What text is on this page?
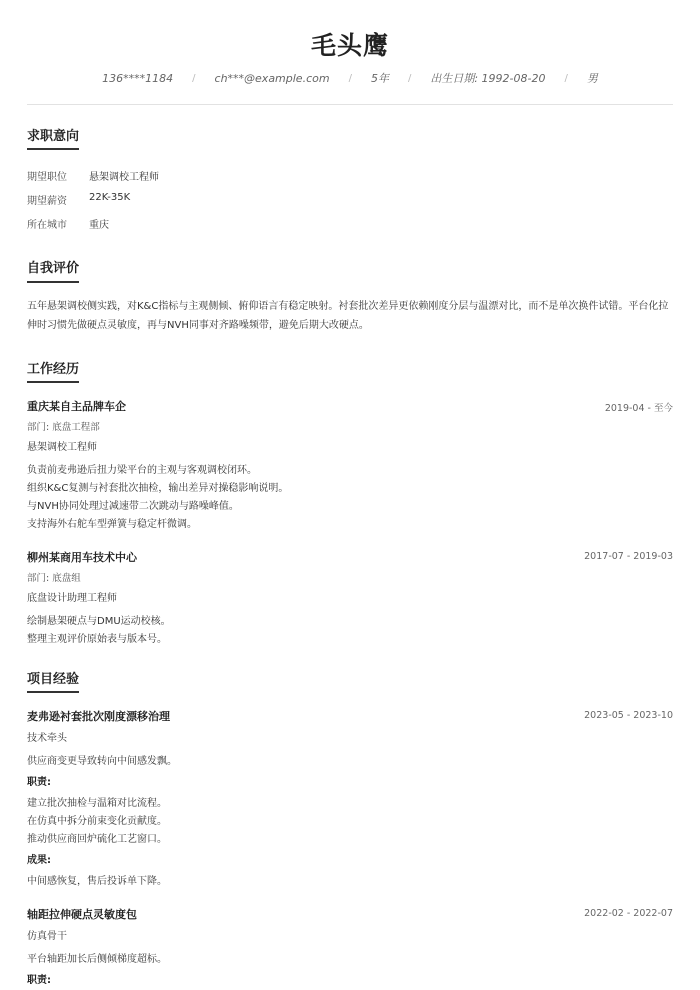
毛头鹰
136****1184 / ch***@example.com / 5年 / 出生日期: 1992-08-20 / 男
求职意向
期望职位 悬架调校工程师
期望薪资 22K-35K
所在城市 重庆
自我评价
五年悬架调校侧实践，对K&C指标与主观侧倾、俯仰语言有稳定映射。衬套批次差异更依赖刚度分层与温漂对比，而不是单次换件试错。平台化拉伸时习惯先做硬点灵敏度，再与NVH同事对齐路噪频带，避免后期大改硬点。
工作经历
重庆某自主品牌车企	2019-04 - 至今
部门: 底盘工程部
悬架调校工程师
负责前麦弗逊后扭力梁平台的主观与客观调校闭环。
组织K&C复测与衬套批次抽检，输出差异对操稳影响说明。
与NVH协同处理过减速带二次跳动与路噪峰值。
支持海外右舵车型弹簧与稳定杆微调。
柳州某商用车技术中心	2017-07 - 2019-03
部门: 底盘组
底盘设计助理工程师
绘制悬架硬点与DMU运动校核。
整理主观评价原始表与版本号。
项目经验
麦弗逊衬套批次刚度漂移治理	2023-05 - 2023-10
技术牵头
供应商变更导致转向中间感发飘。
职责:
建立批次抽检与温箱对比流程。
在仿真中拆分前束变化贡献度。
推动供应商回炉硫化工艺窗口。
成果:
中间感恢复，售后投诉单下降。
轴距拉伸硬点灵敏度包	2022-02 - 2022-07
仿真骨干
平台轴距加长后侧倾梯度超标。
职责:
